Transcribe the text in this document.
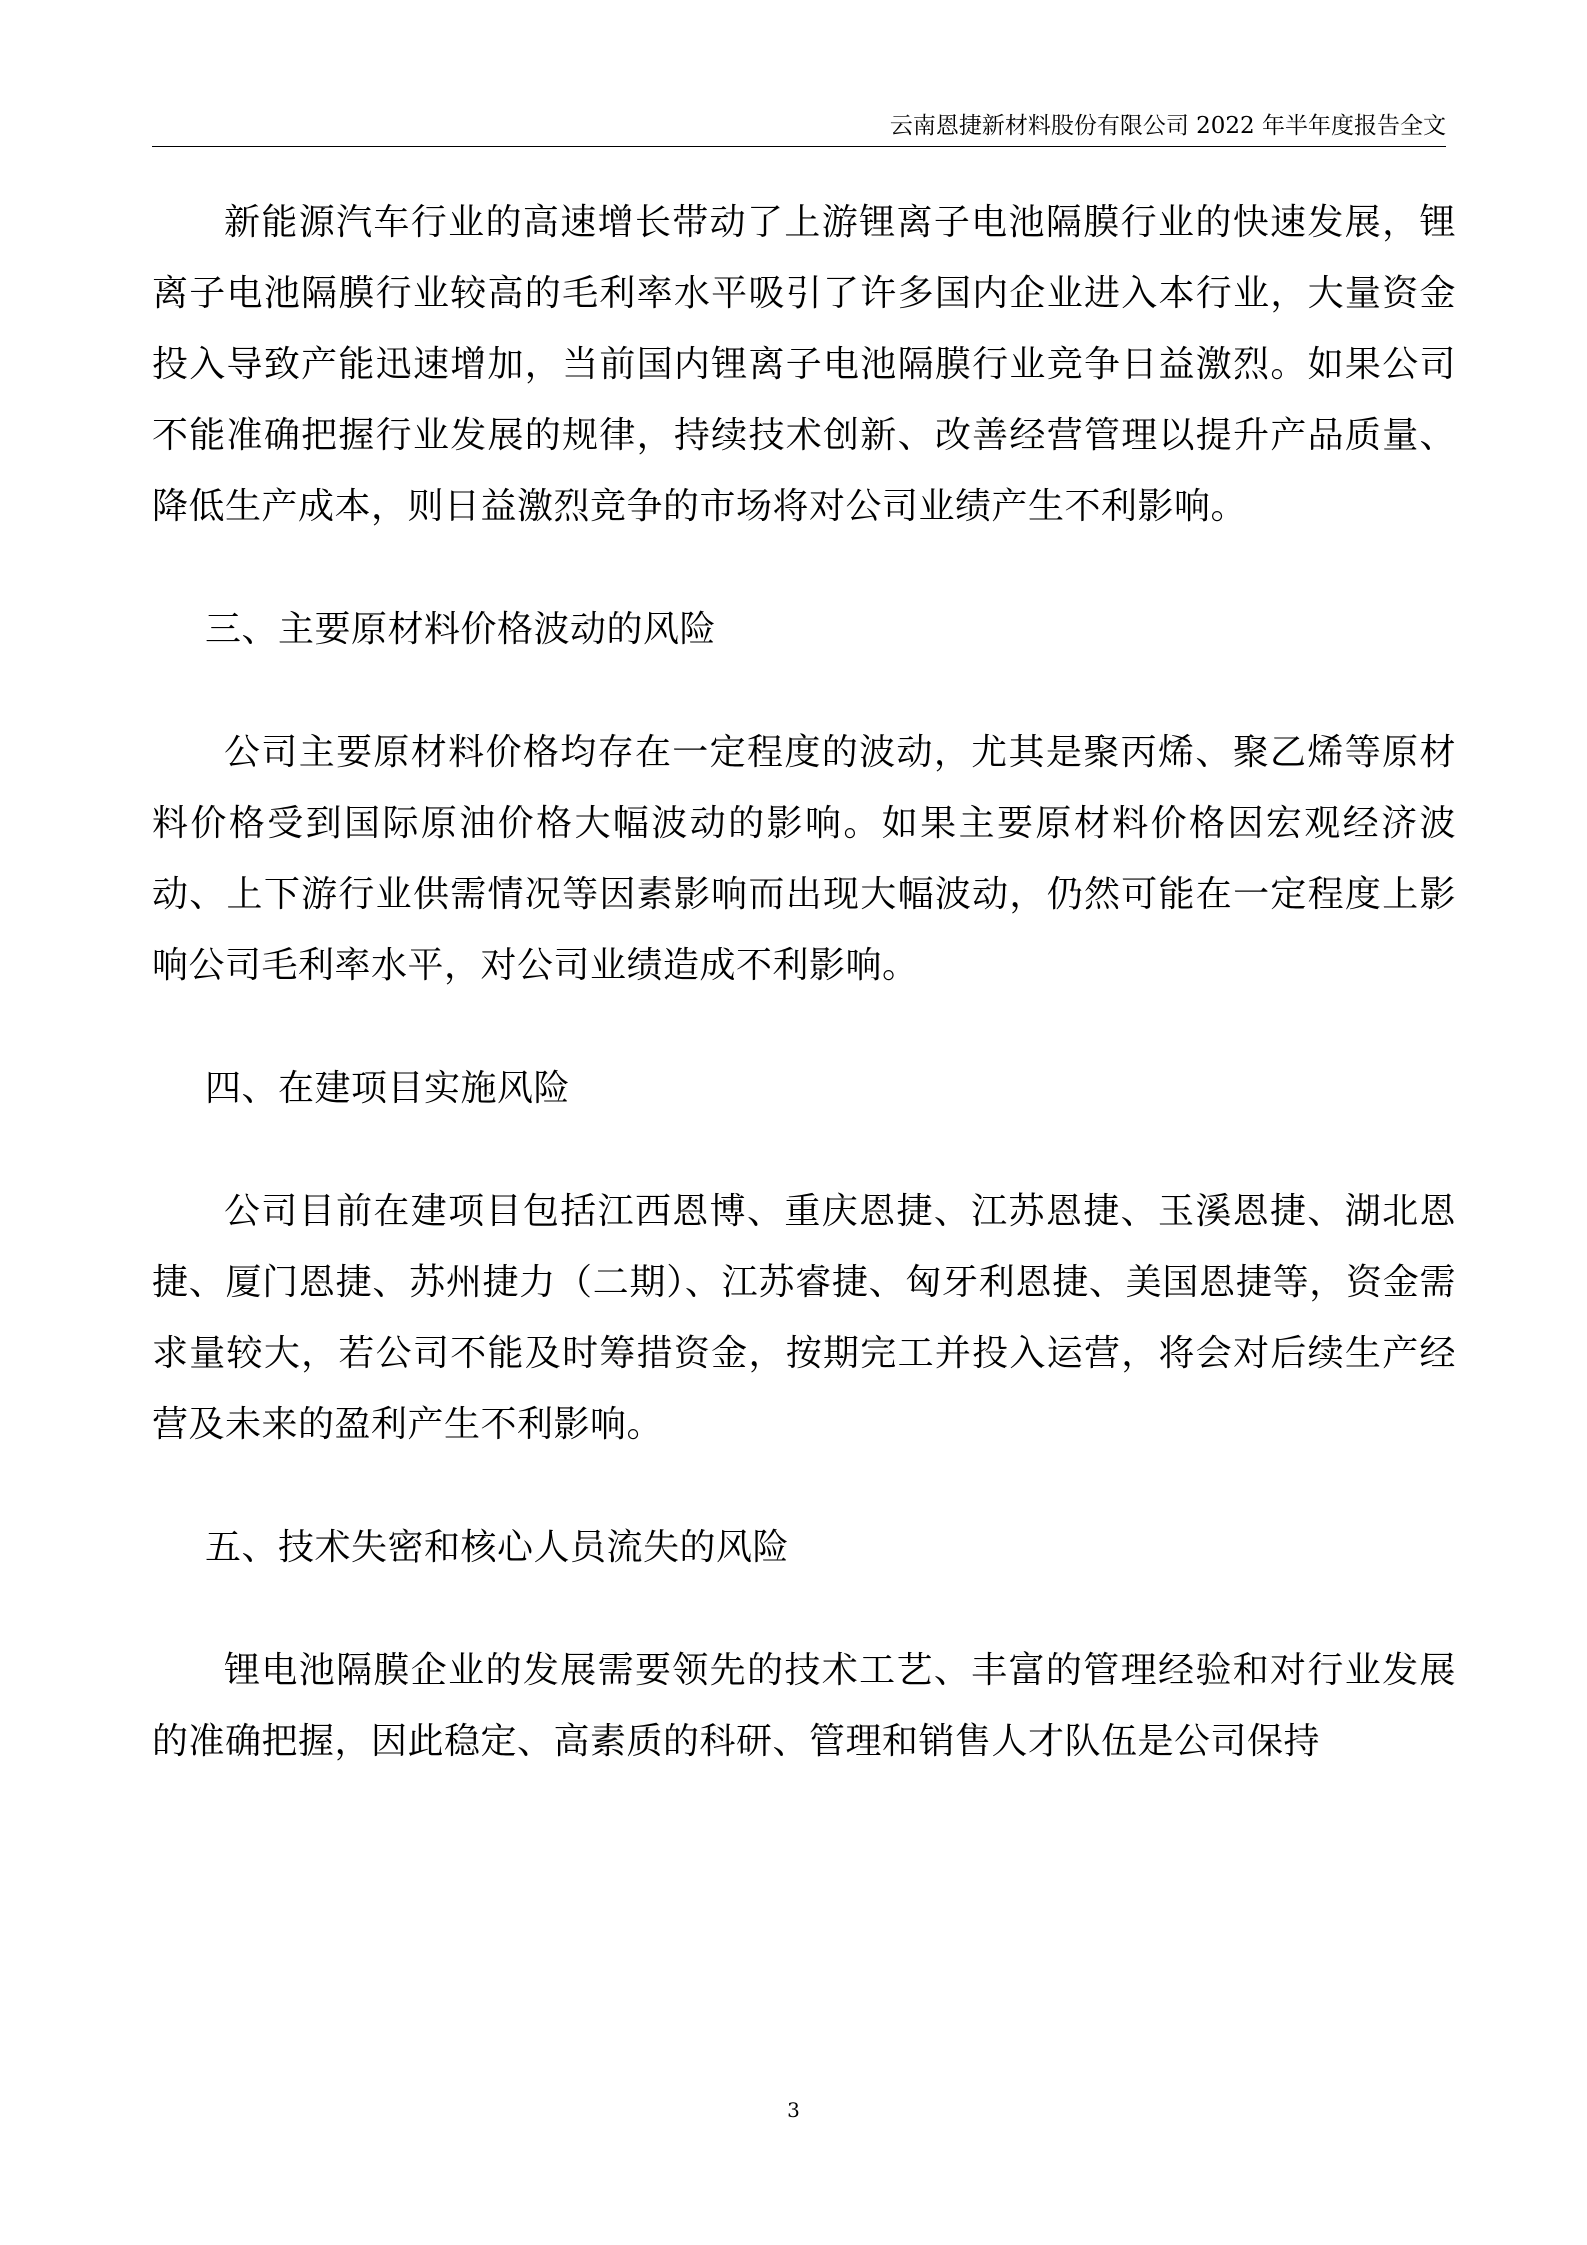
云南恩捷新材料股份有限公司 2022 年半年度报告全文

新能源汽车行业的高速增长带动了上游锂离子电池隔膜行业的快速发展，锂离子电池隔膜行业较高的毛利率水平吸引了许多国内企业进入本行业，大量资金投入导致产能迅速增加，当前国内锂离子电池隔膜行业竞争日益激烈。如果公司不能准确把握行业发展的规律，持续技术创新、改善经营管理以提升产品质量、降低生产成本，则日益激烈竞争的市场将对公司业绩产生不利影响。

三、主要原材料价格波动的风险

公司主要原材料价格均存在一定程度的波动，尤其是聚丙烯、聚乙烯等原材料价格受到国际原油价格大幅波动的影响。如果主要原材料价格因宏观经济波动、上下游行业供需情况等因素影响而出现大幅波动，仍然可能在一定程度上影响公司毛利率水平，对公司业绩造成不利影响。

四、在建项目实施风险

公司目前在建项目包括江西恩博、重庆恩捷、江苏恩捷、玉溪恩捷、湖北恩捷、厦门恩捷、苏州捷力（二期）、江苏睿捷、匈牙利恩捷、美国恩捷等，资金需求量较大，若公司不能及时筹措资金，按期完工并投入运营，将会对后续生产经营及未来的盈利产生不利影响。

五、技术失密和核心人员流失的风险

锂电池隔膜企业的发展需要领先的技术工艺、丰富的管理经验和对行业发展的准确把握，因此稳定、高素质的科研、管理和销售人才队伍是公司保持

3
